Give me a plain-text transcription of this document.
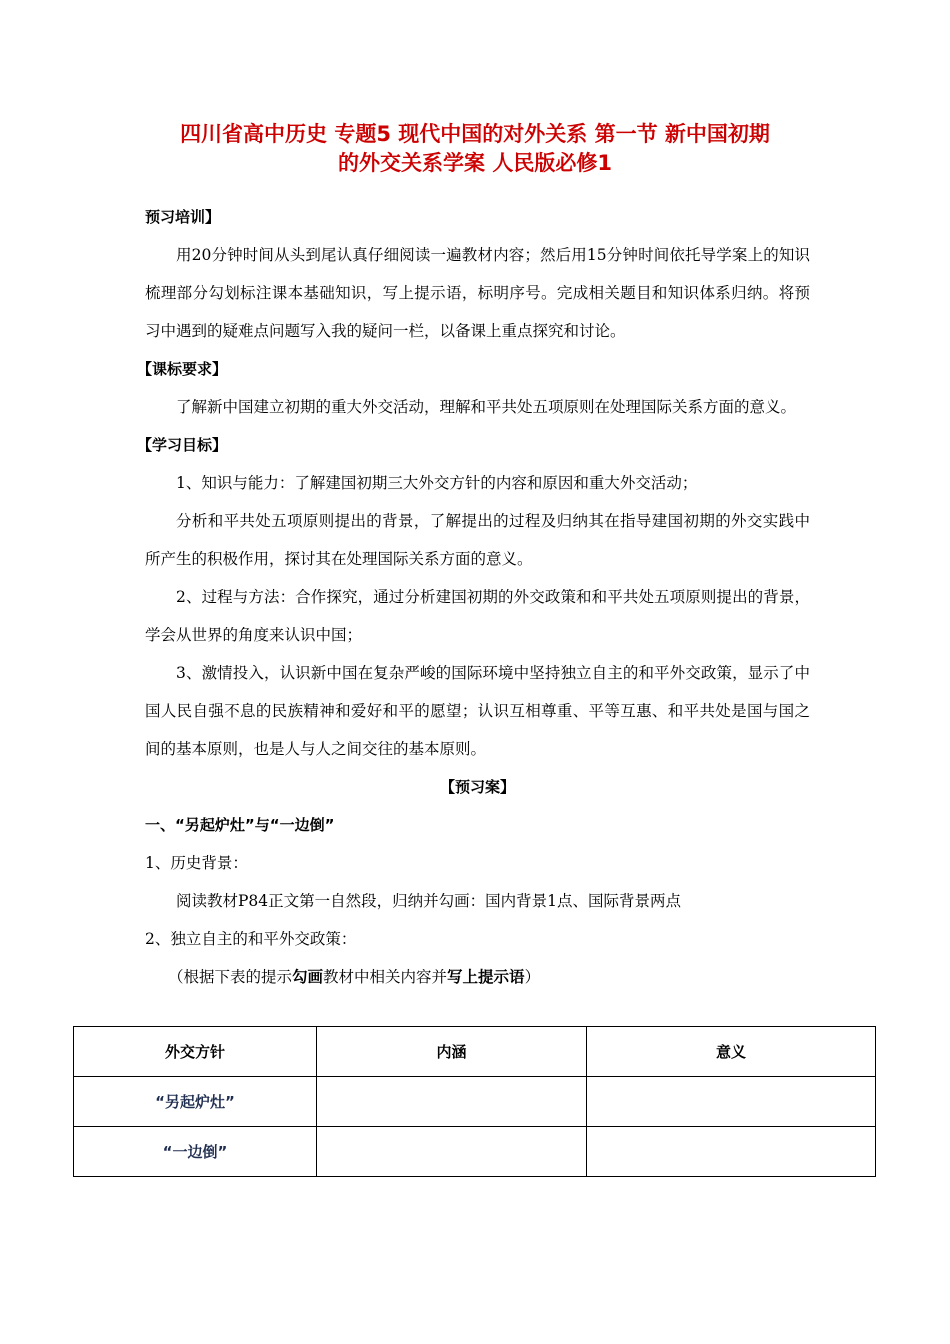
四川省高中历史 专题5 现代中国的对外关系 第一节 新中国初期
的外交关系学案 人民版必修1
预习培训】
用20分钟时间从头到尾认真仔细阅读一遍教材内容；然后用15分钟时间依托导学案上的知识梳理部分勾划标注课本基础知识，写上提示语，标明序号。完成相关题目和知识体系归纳。将预习中遇到的疑难点问题写入我的疑问一栏，以备课上重点探究和讨论。
【课标要求】
了解新中国建立初期的重大外交活动，理解和平共处五项原则在处理国际关系方面的意义。
【学习目标】
1、知识与能力：了解建国初期三大外交方针的内容和原因和重大外交活动；
分析和平共处五项原则提出的背景，了解提出的过程及归纳其在指导建国初期的外交实践中所产生的积极作用，探讨其在处理国际关系方面的意义。
2、过程与方法：合作探究，通过分析建国初期的外交政策和和平共处五项原则提出的背景，学会从世界的角度来认识中国；
3、激情投入，认识新中国在复杂严峻的国际环境中坚持独立自主的和平外交政策，显示了中国人民自强不息的民族精神和爱好和平的愿望；认识互相尊重、平等互惠、和平共处是国与国之间的基本原则，也是人与人之间交往的基本原则。
【预习案】
一、“另起炉灶”与“一边倒”
1、历史背景：
阅读教材P84正文第一自然段，归纳并勾画：国内背景1点、国际背景两点
2、独立自主的和平外交政策：
（根据下表的提示勾画教材中相关内容并写上提示语）
外交方针	内涵	意义
“另起炉灶”		
“一边倒”		
